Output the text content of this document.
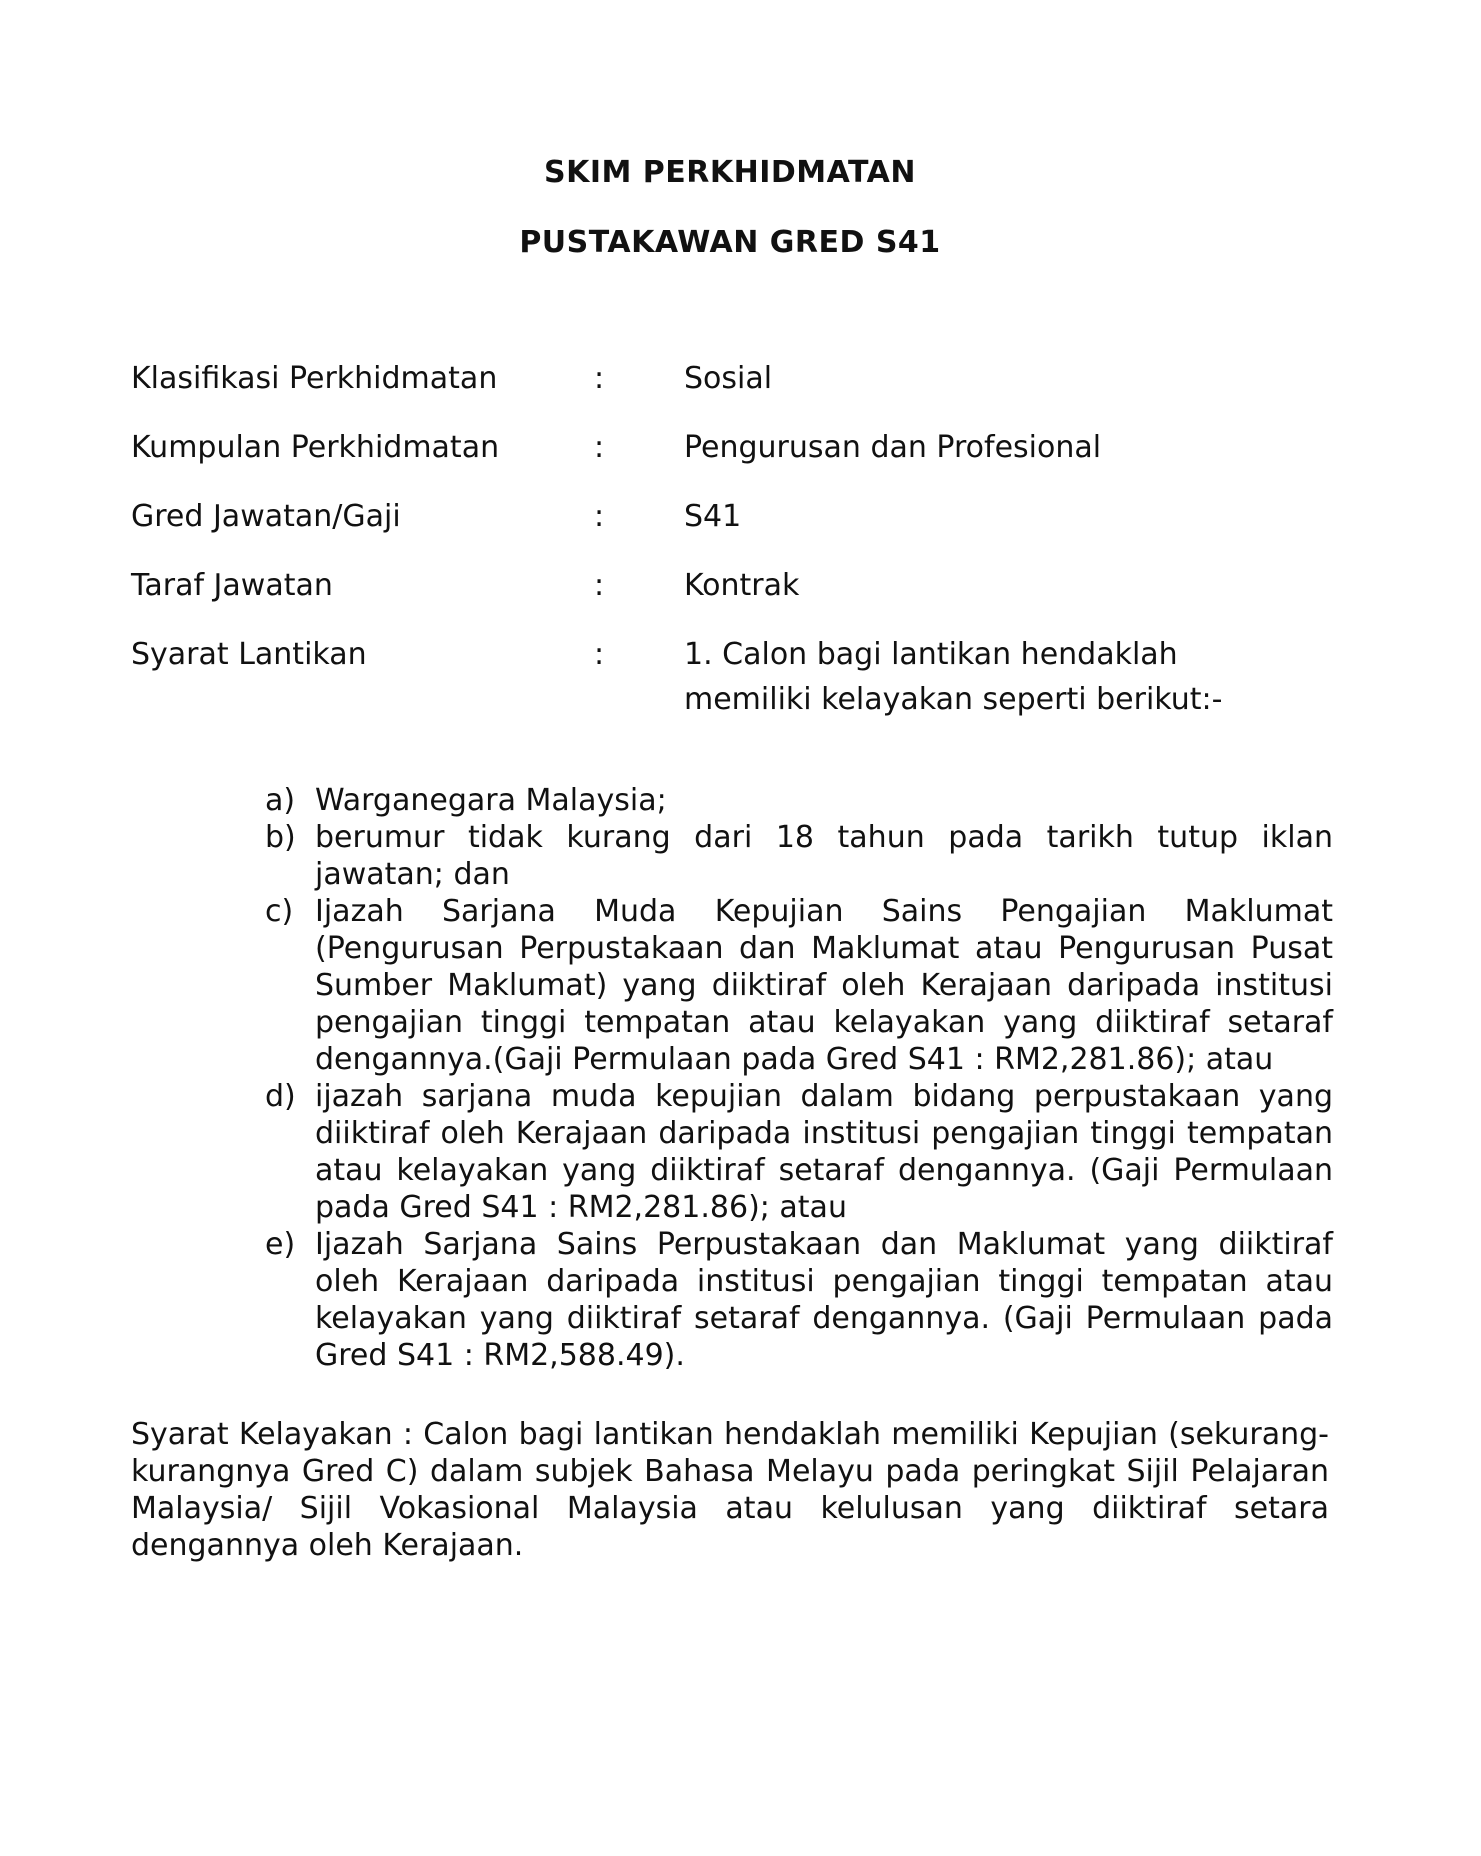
SKIM PERKHIDMATAN
PUSTAKAWAN GRED S41
Klasifikasi Perkhidmatan	:	Sosial
Kumpulan Perkhidmatan	:	Pengurusan dan Profesional
Gred Jawatan/Gaji	:	S41
Taraf Jawatan	:	Kontrak
Syarat Lantikan	:	1. Calon bagi lantikan hendaklah memiliki kelayakan seperti berikut:-
a) Warganegara Malaysia;
b) berumur tidak kurang dari 18 tahun pada tarikh tutup iklan jawatan; dan
c) Ijazah Sarjana Muda Kepujian Sains Pengajian Maklumat (Pengurusan Perpustakaan dan Maklumat atau Pengurusan Pusat Sumber Maklumat) yang diiktiraf oleh Kerajaan daripada institusi pengajian tinggi tempatan atau kelayakan yang diiktiraf setaraf dengannya.(Gaji Permulaan pada Gred S41 : RM2,281.86); atau
d) ijazah sarjana muda kepujian dalam bidang perpustakaan yang diiktiraf oleh Kerajaan daripada institusi pengajian tinggi tempatan atau kelayakan yang diiktiraf setaraf dengannya. (Gaji Permulaan pada Gred S41 : RM2,281.86); atau
e) Ijazah Sarjana Sains Perpustakaan dan Maklumat yang diiktiraf oleh Kerajaan daripada institusi pengajian tinggi tempatan atau kelayakan yang diiktiraf setaraf dengannya. (Gaji Permulaan pada Gred S41 : RM2,588.49).

Syarat Kelayakan : Calon bagi lantikan hendaklah memiliki Kepujian (sekurang-kurangnya Gred C) dalam subjek Bahasa Melayu pada peringkat Sijil Pelajaran Malaysia/ Sijil Vokasional Malaysia atau kelulusan yang diiktiraf setara dengannya oleh Kerajaan.
